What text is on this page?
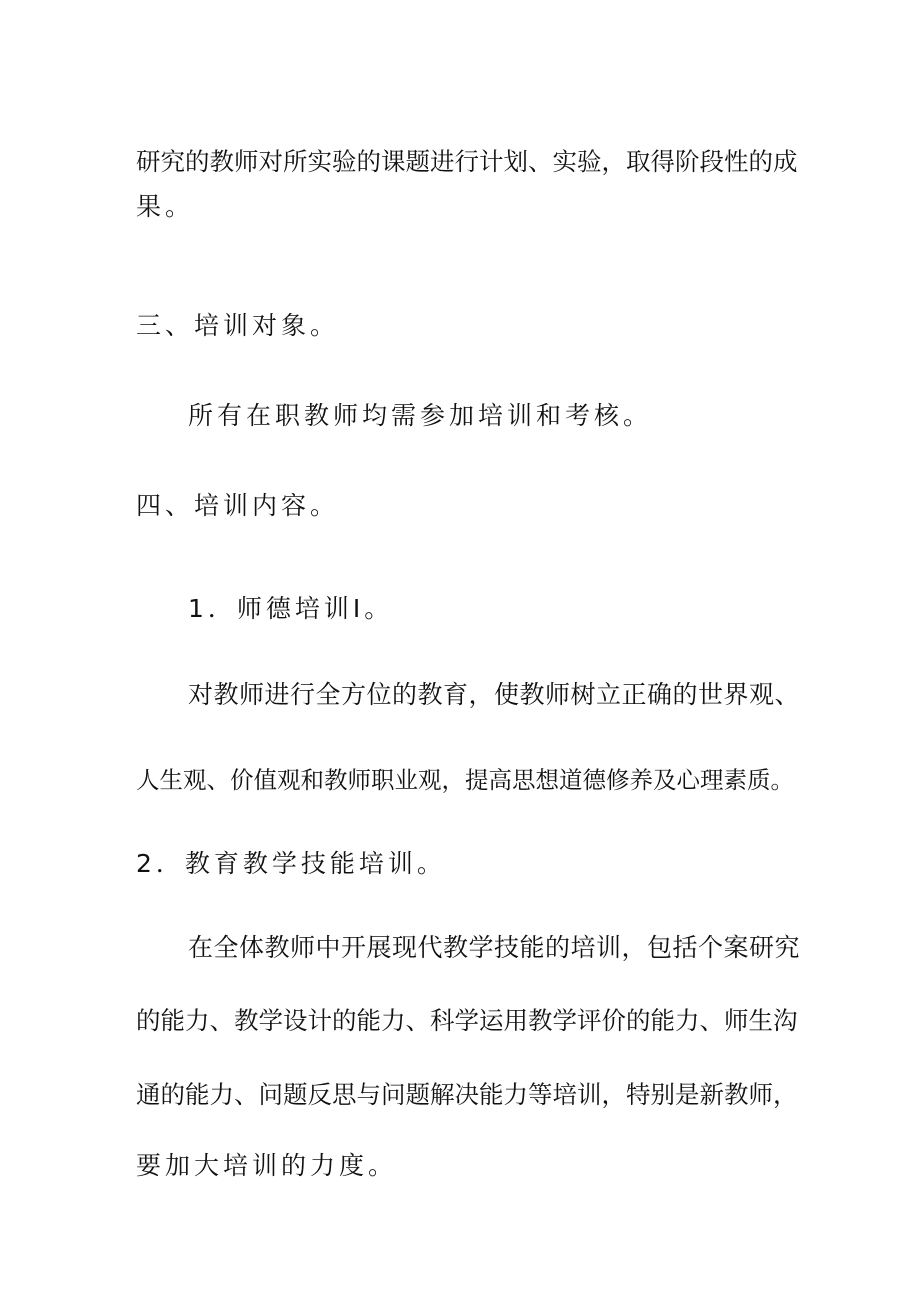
研究的教师对所实验的课题进行计划、实验，取得阶段性的成
果。
三、培训对象。
所有在职教师均需参加培训和考核。
四、培训内容。
1．师德培训I。
对教师进行全方位的教育，使教师树立正确的世界观、
人生观、价值观和教师职业观，提高思想道德修养及心理素质。
2．教育教学技能培训。
在全体教师中开展现代教学技能的培训，包括个案研究
的能力、教学设计的能力、科学运用教学评价的能力、师生沟
通的能力、问题反思与问题解决能力等培训，特别是新教师，
要加大培训的力度。
